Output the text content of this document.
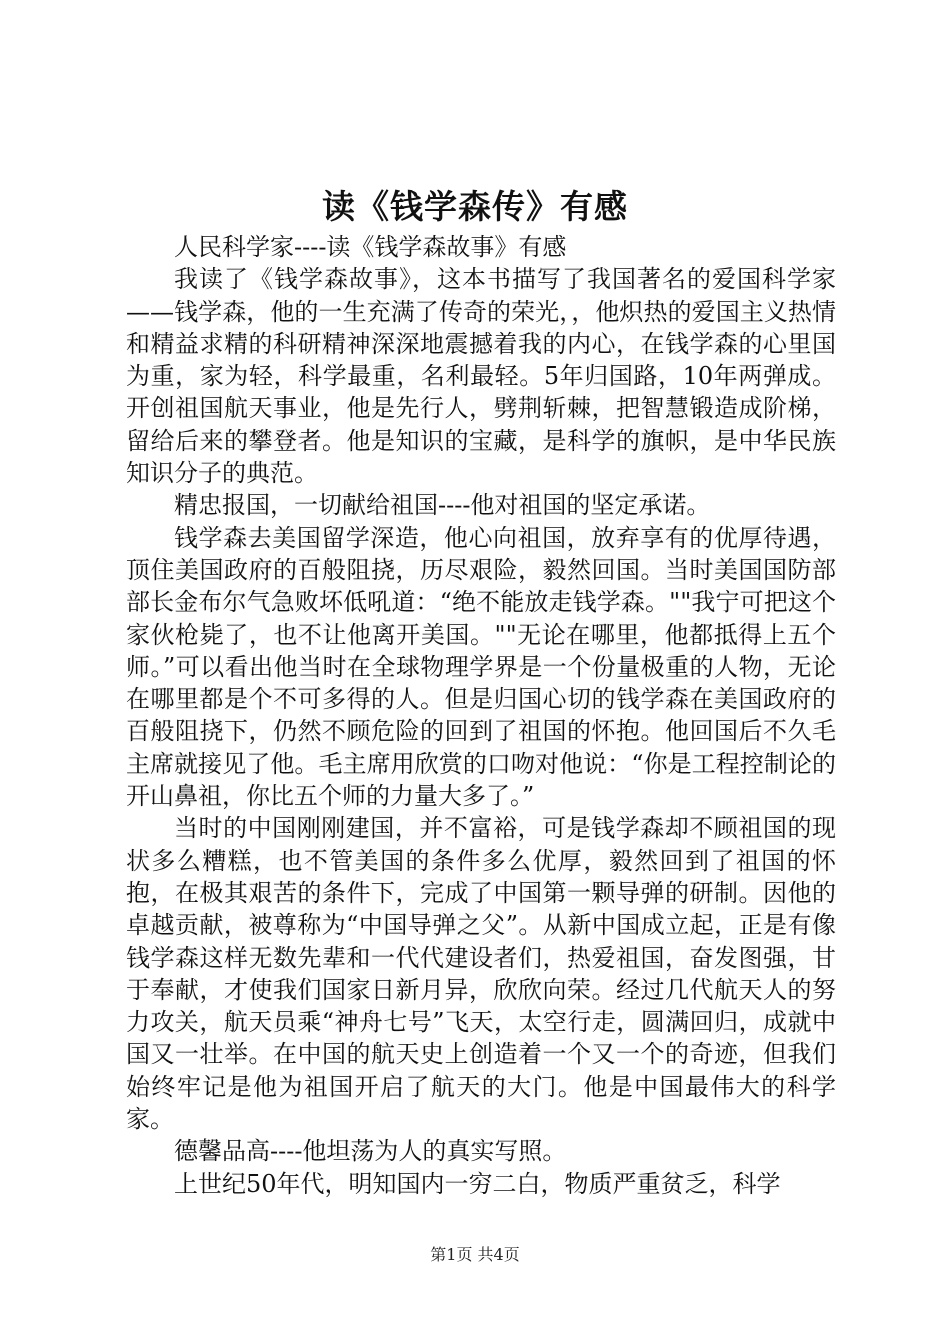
读《钱学森传》有感

人民科学家----读《钱学森故事》有感

我读了《钱学森故事》，这本书描写了我国著名的爱国科学家——钱学森，他的一生充满了传奇的荣光，，他炽热的爱国主义热情和精益求精的科研精神深深地震撼着我的内心，在钱学森的心里国为重，家为轻，科学最重，名利最轻。5年归国路，10年两弹成。开创祖国航天事业，他是先行人，劈荆斩棘，把智慧锻造成阶梯，留给后来的攀登者。他是知识的宝藏，是科学的旗帜，是中华民族知识分子的典范。

精忠报国，一切献给祖国----他对祖国的坚定承诺。

钱学森去美国留学深造，他心向祖国，放弃享有的优厚待遇，顶住美国政府的百般阻挠，历尽艰险，毅然回国。当时美国国防部部长金布尔气急败坏低吼道：“绝不能放走钱学森。""我宁可把这个家伙枪毙了，也不让他离开美国。""无论在哪里，他都抵得上五个师。”可以看出他当时在全球物理学界是一个份量极重的人物，无论在哪里都是个不可多得的人。但是归国心切的钱学森在美国政府的百般阻挠下，仍然不顾危险的回到了祖国的怀抱。他回国后不久毛主席就接见了他。毛主席用欣赏的口吻对他说：“你是工程控制论的开山鼻祖，你比五个师的力量大多了。”

当时的中国刚刚建国，并不富裕，可是钱学森却不顾祖国的现状多么糟糕，也不管美国的条件多么优厚，毅然回到了祖国的怀抱，在极其艰苦的条件下，完成了中国第一颗导弹的研制。因他的卓越贡献，被尊称为“中国导弹之父”。从新中国成立起，正是有像钱学森这样无数先辈和一代代建设者们，热爱祖国，奋发图强，甘于奉献，才使我们国家日新月异，欣欣向荣。经过几代航天人的努力攻关，航天员乘“神舟七号”飞天，太空行走，圆满回归，成就中国又一壮举。在中国的航天史上创造着一个又一个的奇迹，但我们始终牢记是他为祖国开启了航天的大门。他是中国最伟大的科学家。

德馨品高----他坦荡为人的真实写照。

上世纪50年代，明知国内一穷二白，物质严重贫乏，科学

第1页 共4页
